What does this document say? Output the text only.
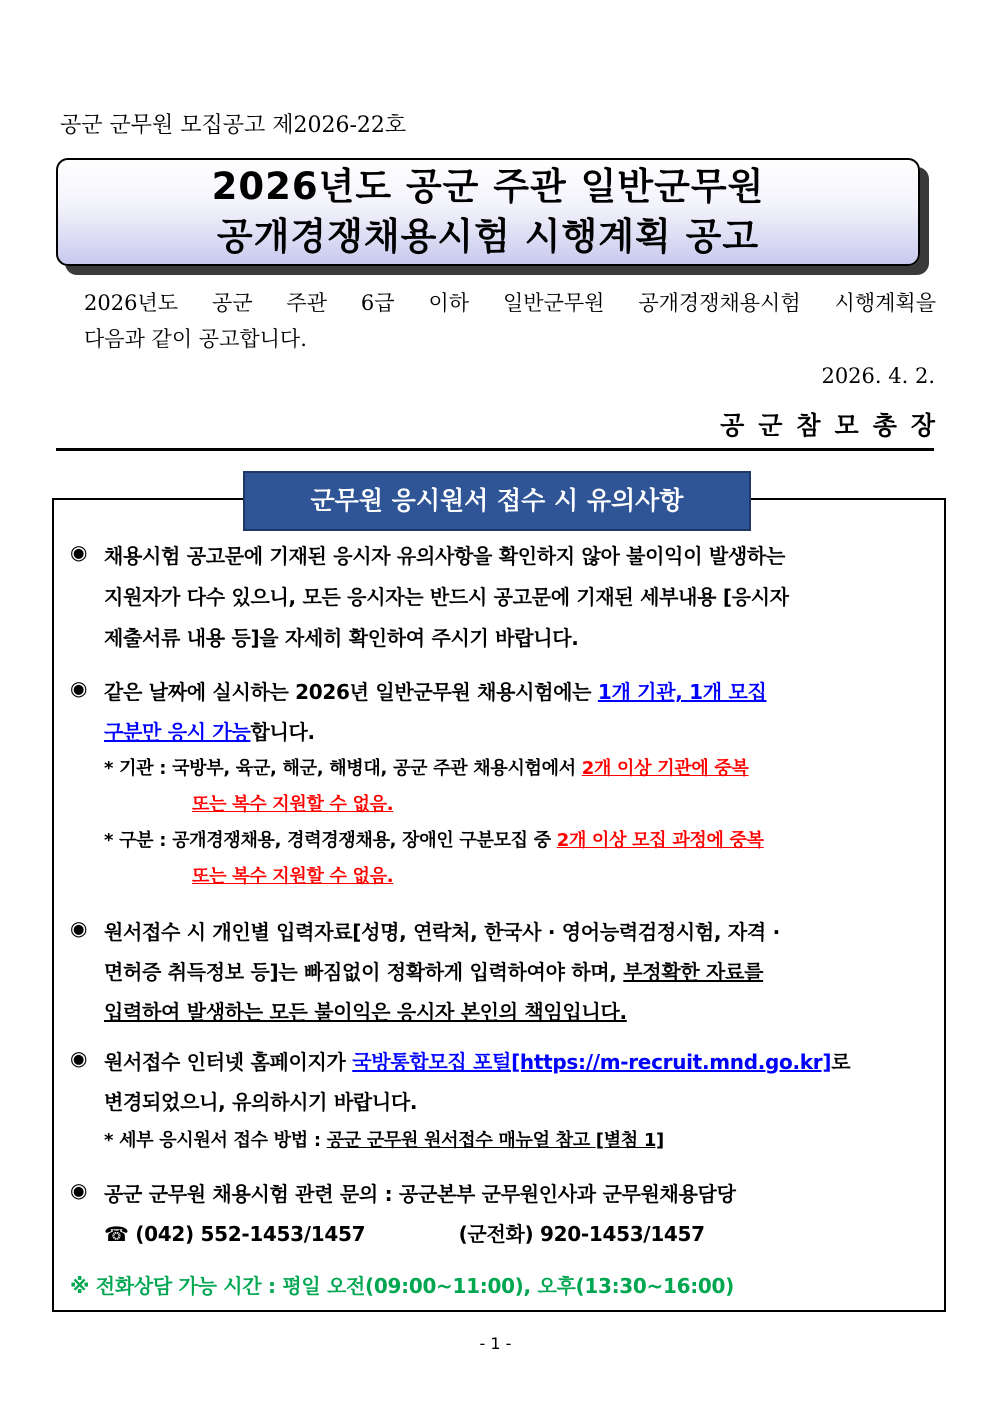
공군 군무원 모집공고 제2026-22호
2026년도 공군 주관 일반군무원
공개경쟁채용시험 시행계획 공고
2026년도 공군 주관 6급 이하 일반군무원 공개경쟁채용시험 시행계획을
다음과 같이 공고합니다.
2026. 4. 2.
공군참모총장
군무원 응시원서 접수 시 유의사항
◉ 채용시험 공고문에 기재된 응시자 유의사항을 확인하지 않아 불이익이 발생하는
지원자가 다수 있으니, 모든 응시자는 반드시 공고문에 기재된 세부내용 [응시자
제출서류 내용 등]을 자세히 확인하여 주시기 바랍니다.
◉ 같은 날짜에 실시하는 2026년 일반군무원 채용시험에는 1개 기관, 1개 모집
구분만 응시 가능합니다.
* 기관 : 국방부, 육군, 해군, 해병대, 공군 주관 채용시험에서 2개 이상 기관에 중복
또는 복수 지원할 수 없음.
* 구분 : 공개경쟁채용, 경력경쟁채용, 장애인 구분모집 중 2개 이상 모집 과정에 중복
또는 복수 지원할 수 없음.
◉ 원서접수 시 개인별 입력자료[성명, 연락처, 한국사 · 영어능력검정시험, 자격 ·
면허증 취득정보 등]는 빠짐없이 정확하게 입력하여야 하며, 부정확한 자료를
입력하여 발생하는 모든 불이익은 응시자 본인의 책임입니다.
◉ 원서접수 인터넷 홈페이지가 국방통합모집 포털[https://m-recruit.mnd.go.kr]로
변경되었으니, 유의하시기 바랍니다.
* 세부 응시원서 접수 방법 : 공군 군무원 원서접수 매뉴얼 참고 [별첨 1]
◉ 공군 군무원 채용시험 관련 문의 : 공군본부 군무원인사과 군무원채용담당
☎ (042) 552-1453/1457	(군전화) 920-1453/1457
※ 전화상담 가능 시간 : 평일 오전(09:00~11:00), 오후(13:30~16:00)
- 1 -
